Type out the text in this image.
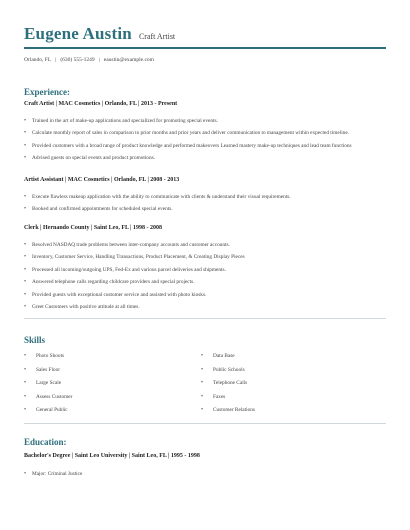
Eugene Austin Craft Artist
Orlando, FL | (630) 555-1249 | eaustin@example.com
Experience:
Craft Artist | MAC Cosmetics | Orlando, FL | 2013 - Present
• Trained in the art of make-up applications and specialized for promoting special events.
• Calculate monthly report of sales in comparison to prior months and prior years and deliver communication to management within expected timeline.
• Provided customers with a broad range of product knowledge and performed makeovers Learned mastery make-up techniques and lead team functions
• Advised guests on special events and product promotions.
Artist Assistant | MAC Cosmetics | Orlando, FL | 2008 - 2013
• Execute flawless makeup application with the ability to communicate with clients & understand their visual requirements.
• Booked and confirmed appointments for scheduled special events.
Clerk | Hernando County | Saint Leo, FL | 1998 - 2008
• Resolved NASDAQ trade problems between inter-company accounts and customer accounts.
• Inventory, Customer Service, Handling Transactions, Product Placement, & Creating Display Pieces
• Processed all incoming/outgoing UPS, Fed-Ex and various parcel deliveries and shipments.
• Answered telephone calls regarding childcare providers and special projects.
• Provided guests with exceptional customer service and assisted with photo kiosks.
• Greet Customers with positive attitude at all times.
Skills
• Photo Shoots
• Sales Floor
• Large Scale
• Assess Customer
• General Public
• Data Base
• Public Schools
• Telephone Calls
• Faxes
• Customer Relations
Education:
Bachelor's Degree | Saint Leo University | Saint Leo, FL | 1995 - 1998
• Major: Criminal Justice
